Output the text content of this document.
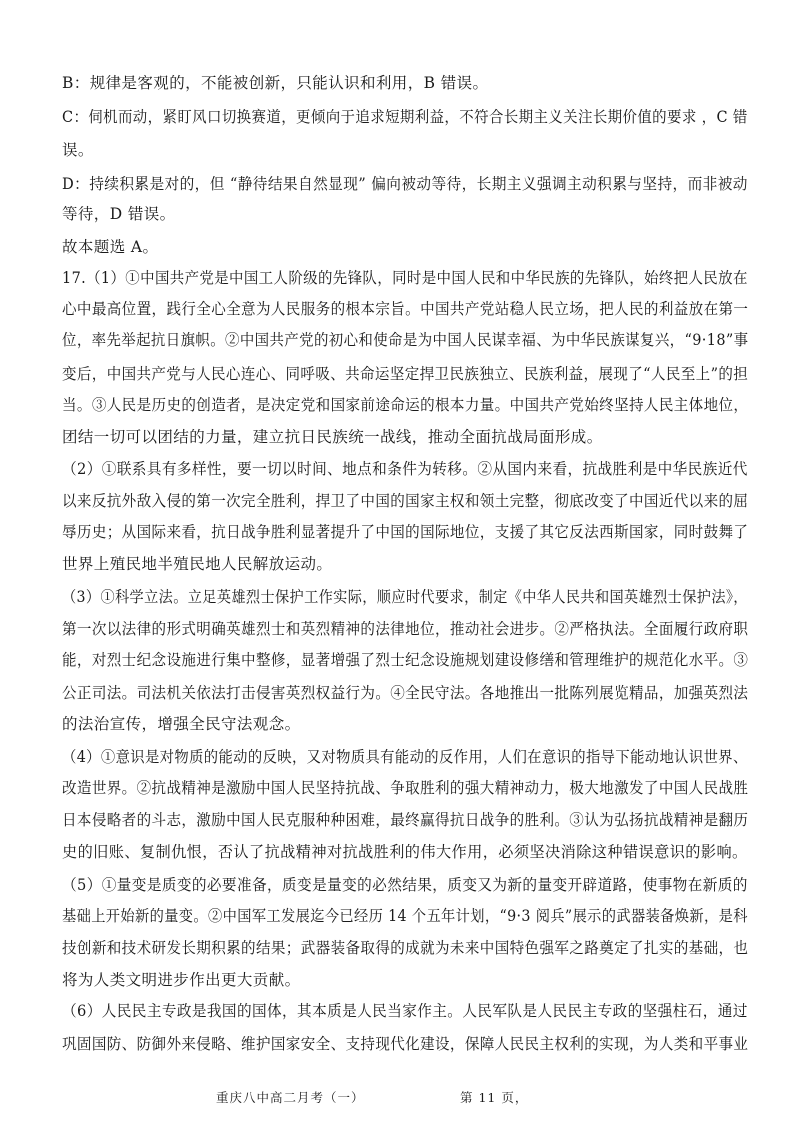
B：规律是客观的，不能被创新，只能认识和利用，B 错误。
C：伺机而动，紧盯风口切换赛道，更倾向于追求短期利益，不符合长期主义关注长期价值的要求 ，C 错
误。
D：持续积累是对的，但 “静待结果自然显现” 偏向被动等待，长期主义强调主动积累与坚持，而非被动
等待，D 错误。
故本题选 A。
17.（1）①中国共产党是中国工人阶级的先锋队，同时是中国人民和中华民族的先锋队，始终把人民放在
心中最高位置，践行全心全意为人民服务的根本宗旨。中国共产党站稳人民立场，把人民的利益放在第一
位，率先举起抗日旗帜。②中国共产党的初心和使命是为中国人民谋幸福、为中华民族谋复兴，“9·18”事
变后，中国共产党与人民心连心、同呼吸、共命运坚定捍卫民族独立、民族利益，展现了“人民至上”的担
当。③人民是历史的创造者，是决定党和国家前途命运的根本力量。中国共产党始终坚持人民主体地位，
团结一切可以团结的力量，建立抗日民族统一战线，推动全面抗战局面形成。
（2）①联系具有多样性，要一切以时间、地点和条件为转移。②从国内来看，抗战胜利是中华民族近代
以来反抗外敌入侵的第一次完全胜利，捍卫了中国的国家主权和领土完整，彻底改变了中国近代以来的屈
辱历史；从国际来看，抗日战争胜利显著提升了中国的国际地位，支援了其它反法西斯国家，同时鼓舞了
世界上殖民地半殖民地人民解放运动。
（3）①科学立法。立足英雄烈士保护工作实际，顺应时代要求，制定《中华人民共和国英雄烈士保护法》，
第一次以法律的形式明确英雄烈士和英烈精神的法律地位，推动社会进步。②严格执法。全面履行政府职
能，对烈士纪念设施进行集中整修，显著增强了烈士纪念设施规划建设修缮和管理维护的规范化水平。③
公正司法。司法机关依法打击侵害英烈权益行为。④全民守法。各地推出一批陈列展览精品，加强英烈法
的法治宣传，增强全民守法观念。
（4）①意识是对物质的能动的反映，又对物质具有能动的反作用，人们在意识的指导下能动地认识世界、
改造世界。②抗战精神是激励中国人民坚持抗战、争取胜利的强大精神动力，极大地激发了中国人民战胜
日本侵略者的斗志，激励中国人民克服种种困难，最终赢得抗日战争的胜利。③认为弘扬抗战精神是翻历
史的旧账、复制仇恨，否认了抗战精神对抗战胜利的伟大作用，必须坚决消除这种错误意识的影响。
（5）①量变是质变的必要准备，质变是量变的必然结果，质变又为新的量变开辟道路，使事物在新质的
基础上开始新的量变。②中国军工发展迄今已经历 14 个五年计划，“9·3 阅兵”展示的武器装备焕新，是科
技创新和技术研发长期积累的结果；武器装备取得的成就为未来中国特色强军之路奠定了扎实的基础，也
将为人类文明进步作出更大贡献。
（6）人民民主专政是我国的国体，其本质是人民当家作主。人民军队是人民民主专政的坚强柱石，通过
巩固国防、防御外来侵略、维护国家安全、支持现代化建设，保障人民民主权利的实现，为人类和平事业
重庆八中高二月考（一）	第 11 页，
